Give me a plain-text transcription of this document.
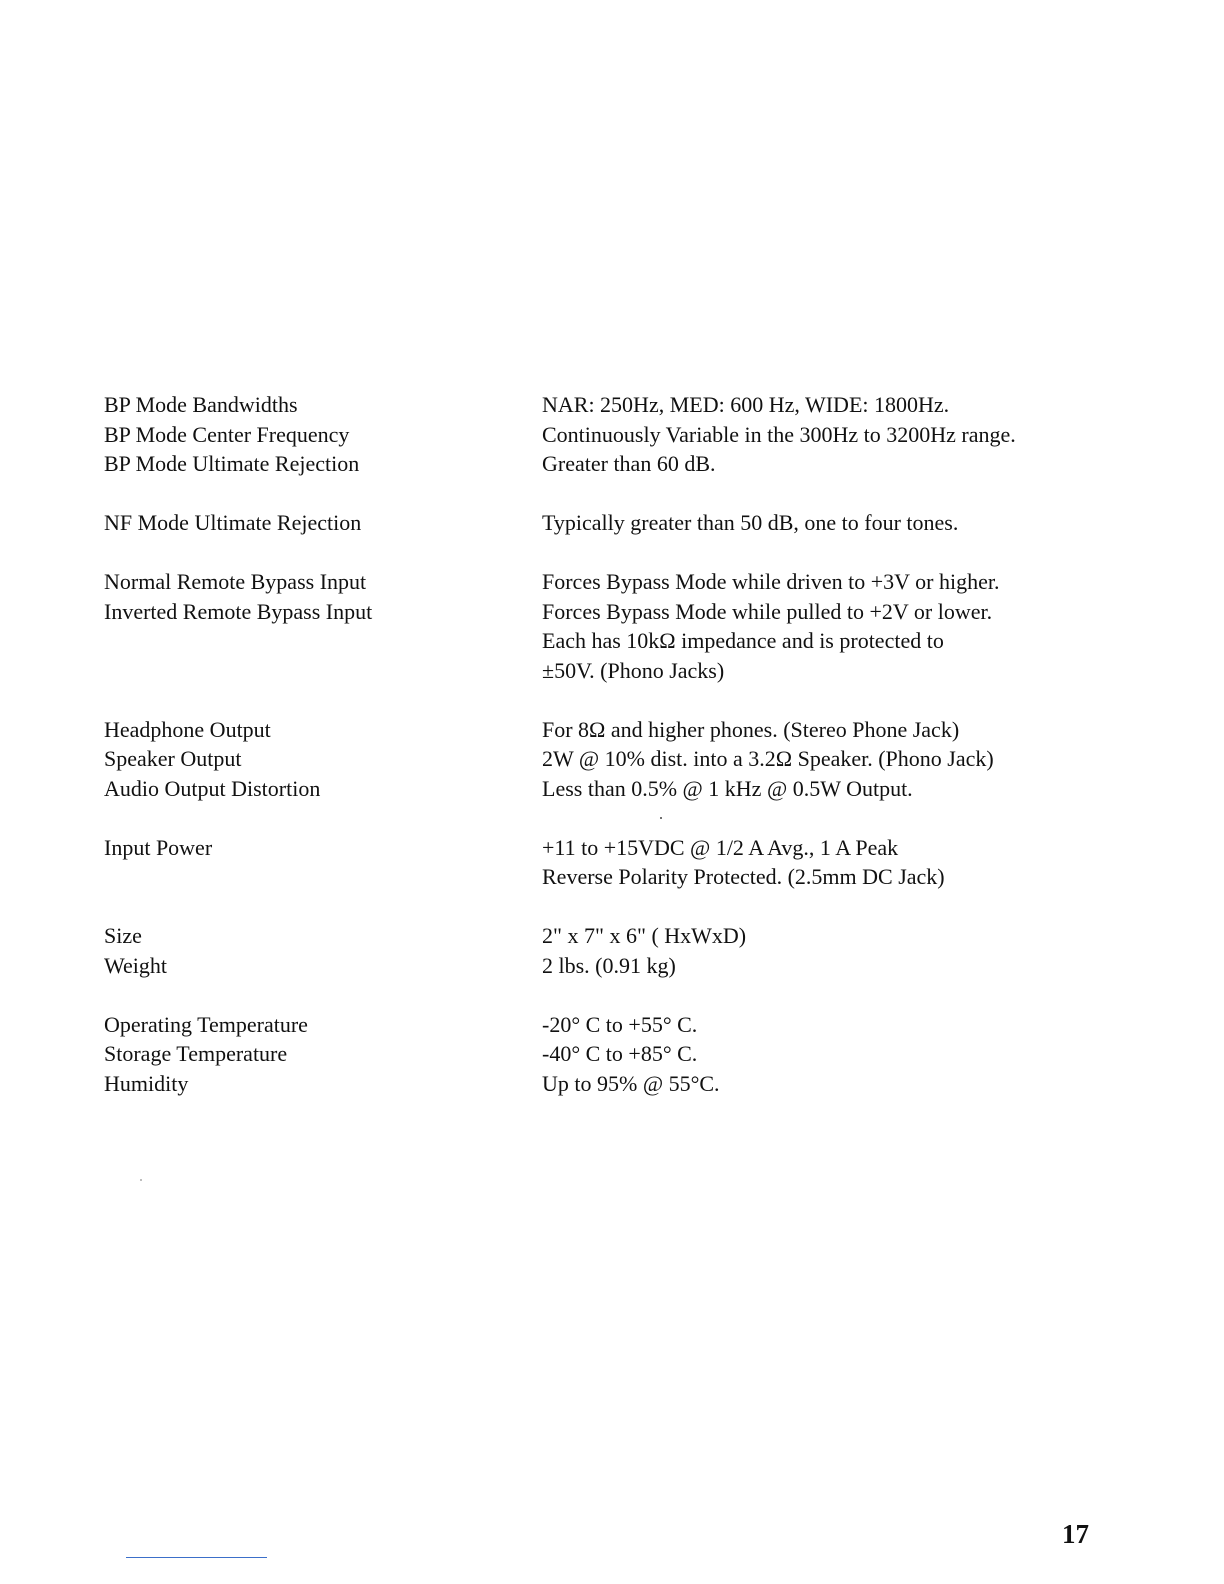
BP Mode Bandwidths	NAR: 250Hz, MED: 600 Hz, WIDE: 1800Hz.
BP Mode Center Frequency	Continuously Variable in the 300Hz to 3200Hz range.
BP Mode Ultimate Rejection	Greater than 60 dB.
NF Mode Ultimate Rejection	Typically greater than 50 dB, one to four tones.
Normal Remote Bypass Input	Forces Bypass Mode while driven to +3V or higher.
Inverted Remote Bypass Input	Forces Bypass Mode while pulled to +2V or lower.
Each has 10kΩ impedance and is protected to
±50V. (Phono Jacks)
Headphone Output	For 8Ω and higher phones. (Stereo Phone Jack)
Speaker Output	2W @ 10% dist. into a 3.2Ω Speaker. (Phono Jack)
Audio Output Distortion	Less than 0.5% @ 1 kHz @ 0.5W Output.
Input Power	+11 to +15VDC @ 1/2 A Avg., 1 A Peak
Reverse Polarity Protected. (2.5mm DC Jack)
Size	2" x 7" x 6" ( HxWxD)
Weight	2 lbs. (0.91 kg)
Operating Temperature	-20° C to +55° C.
Storage Temperature	-40° C to +85° C.
Humidity	Up to 95% @ 55°C.
17
